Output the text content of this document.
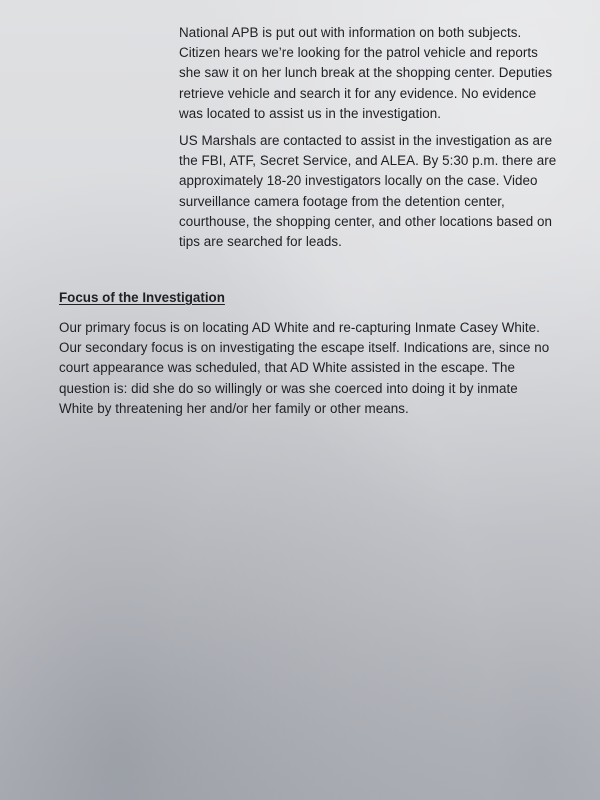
National APB is put out with information on both subjects.
Citizen hears we’re looking for the patrol vehicle and reports
she saw it on her lunch break at the shopping center. Deputies
retrieve vehicle and search it for any evidence. No evidence
was located to assist us in the investigation.

US Marshals are contacted to assist in the investigation as are
the FBI, ATF, Secret Service, and ALEA. By 5:30 p.m. there are
approximately 18-20 investigators locally on the case. Video
surveillance camera footage from the detention center,
courthouse, the shopping center, and other locations based on
tips are searched for leads.

Focus of the Investigation

Our primary focus is on locating AD White and re-capturing Inmate Casey White.
Our secondary focus is on investigating the escape itself. Indications are, since no
court appearance was scheduled, that AD White assisted in the escape. The
question is: did she do so willingly or was she coerced into doing it by inmate
White by threatening her and/or her family or other means.
